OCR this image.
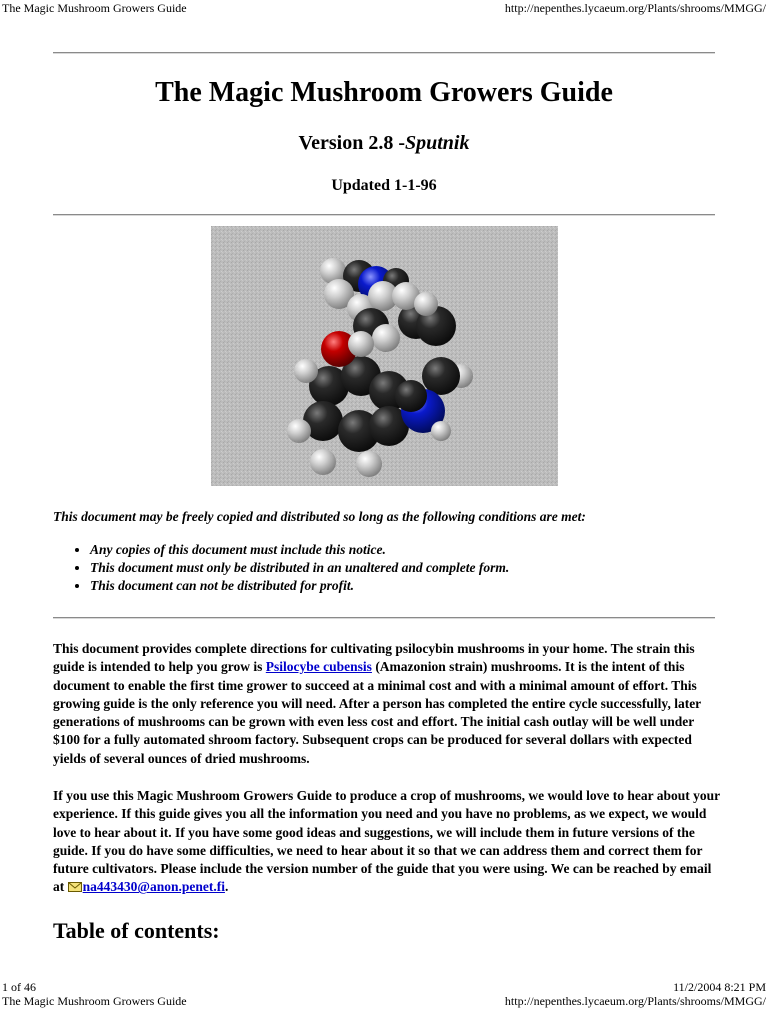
The Magic Mushroom Growers Guide	http://nepenthes.lycaeum.org/Plants/shrooms/MMGG/
The Magic Mushroom Growers Guide
Version 2.8 -Sputnik
Updated 1-1-96
This document may be freely copied and distributed so long as the following conditions are met:
• Any copies of this document must include this notice.
• This document must only be distributed in an unaltered and complete form.
• This document can not be distributed for profit.

This document provides complete directions for cultivating psilocybin mushrooms in your home. The strain this guide is intended to help you grow is Psilocybe cubensis (Amazonion strain) mushrooms. It is the intent of this document to enable the first time grower to succeed at a minimal cost and with a minimal amount of effort. This growing guide is the only reference you will need. After a person has completed the entire cycle successfully, later generations of mushrooms can be grown with even less cost and effort. The initial cash outlay will be well under $100 for a fully automated shroom factory. Subsequent crops can be produced for several dollars with expected yields of several ounces of dried mushrooms.

If you use this Magic Mushroom Growers Guide to produce a crop of mushrooms, we would love to hear about your experience. If this guide gives you all the information you need and you have no problems, as we expect, we would love to hear about it. If you have some good ideas and suggestions, we will include them in future versions of the guide. If you do have some difficulties, we need to hear about it so that we can address them and correct them for future cultivators. Please include the version number of the guide that you were using. We can be reached by email at na443430@anon.penet.fi.

Table of contents:
1 of 46	11/2/2004 8:21 PM
The Magic Mushroom Growers Guide	http://nepenthes.lycaeum.org/Plants/shrooms/MMGG/
